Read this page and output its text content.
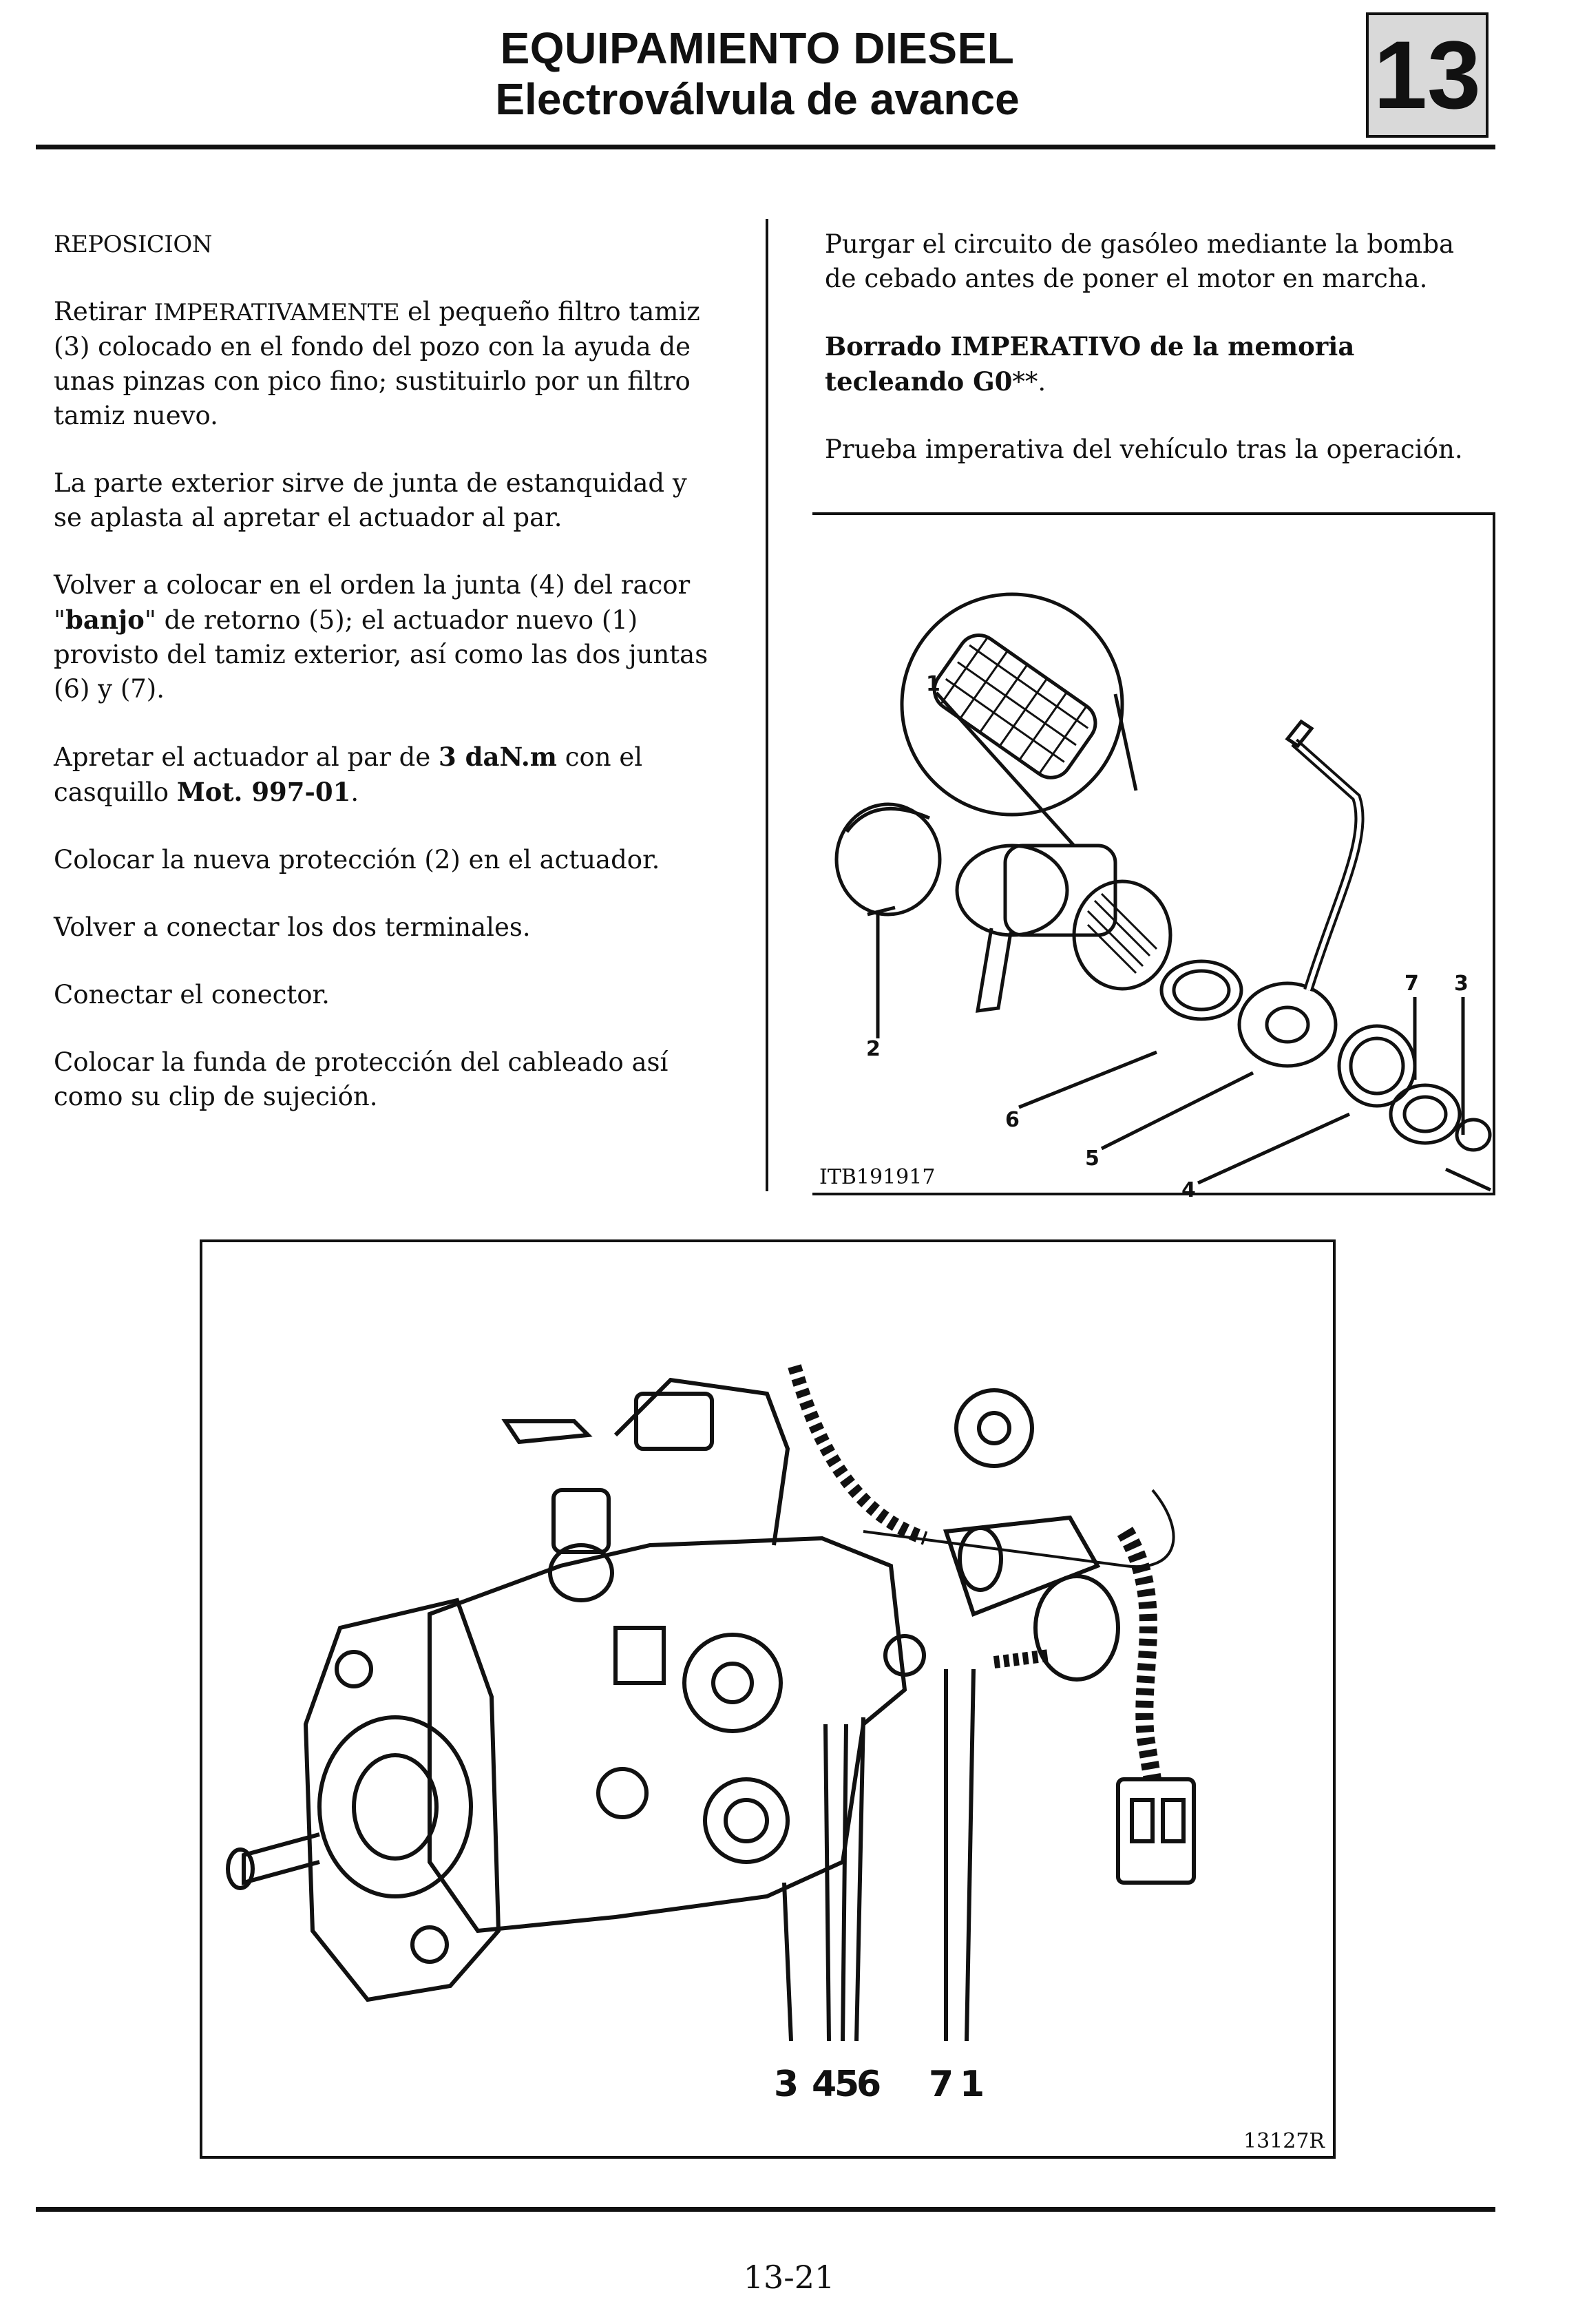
EQUIPAMIENTO DIESEL
Electroválvula de avance	13

REPOSICION

Retirar IMPERATIVAMENTE el pequeño filtro tamiz (3) colocado en el fondo del pozo con la ayuda de unas pinzas con pico fino; sustituirlo por un filtro tamiz nuevo.

La parte exterior sirve de junta de estanquidad y se aplasta al apretar el actuador al par.

Volver a colocar en el orden la junta (4) del racor "banjo" de retorno (5); el actuador nuevo (1) provisto del tamiz exterior, así como las dos juntas (6) y (7).

Apretar el actuador al par de 3 daN.m con el casquillo Mot. 997-01.

Colocar la nueva protección (2) en el actuador.

Volver a conectar los dos terminales.

Conectar el conector.

Colocar la funda de protección del cableado así como su clip de sujeción.

Purgar el circuito de gasóleo mediante la bomba de cebado antes de poner el motor en marcha.

Borrado IMPERATIVO de la memoria tecleando G0**.

Prueba imperativa del vehículo tras la operación.

1
2
6
5
4
7 3
ITB191917
3 4
5
6 7 1
13127R
13-21
